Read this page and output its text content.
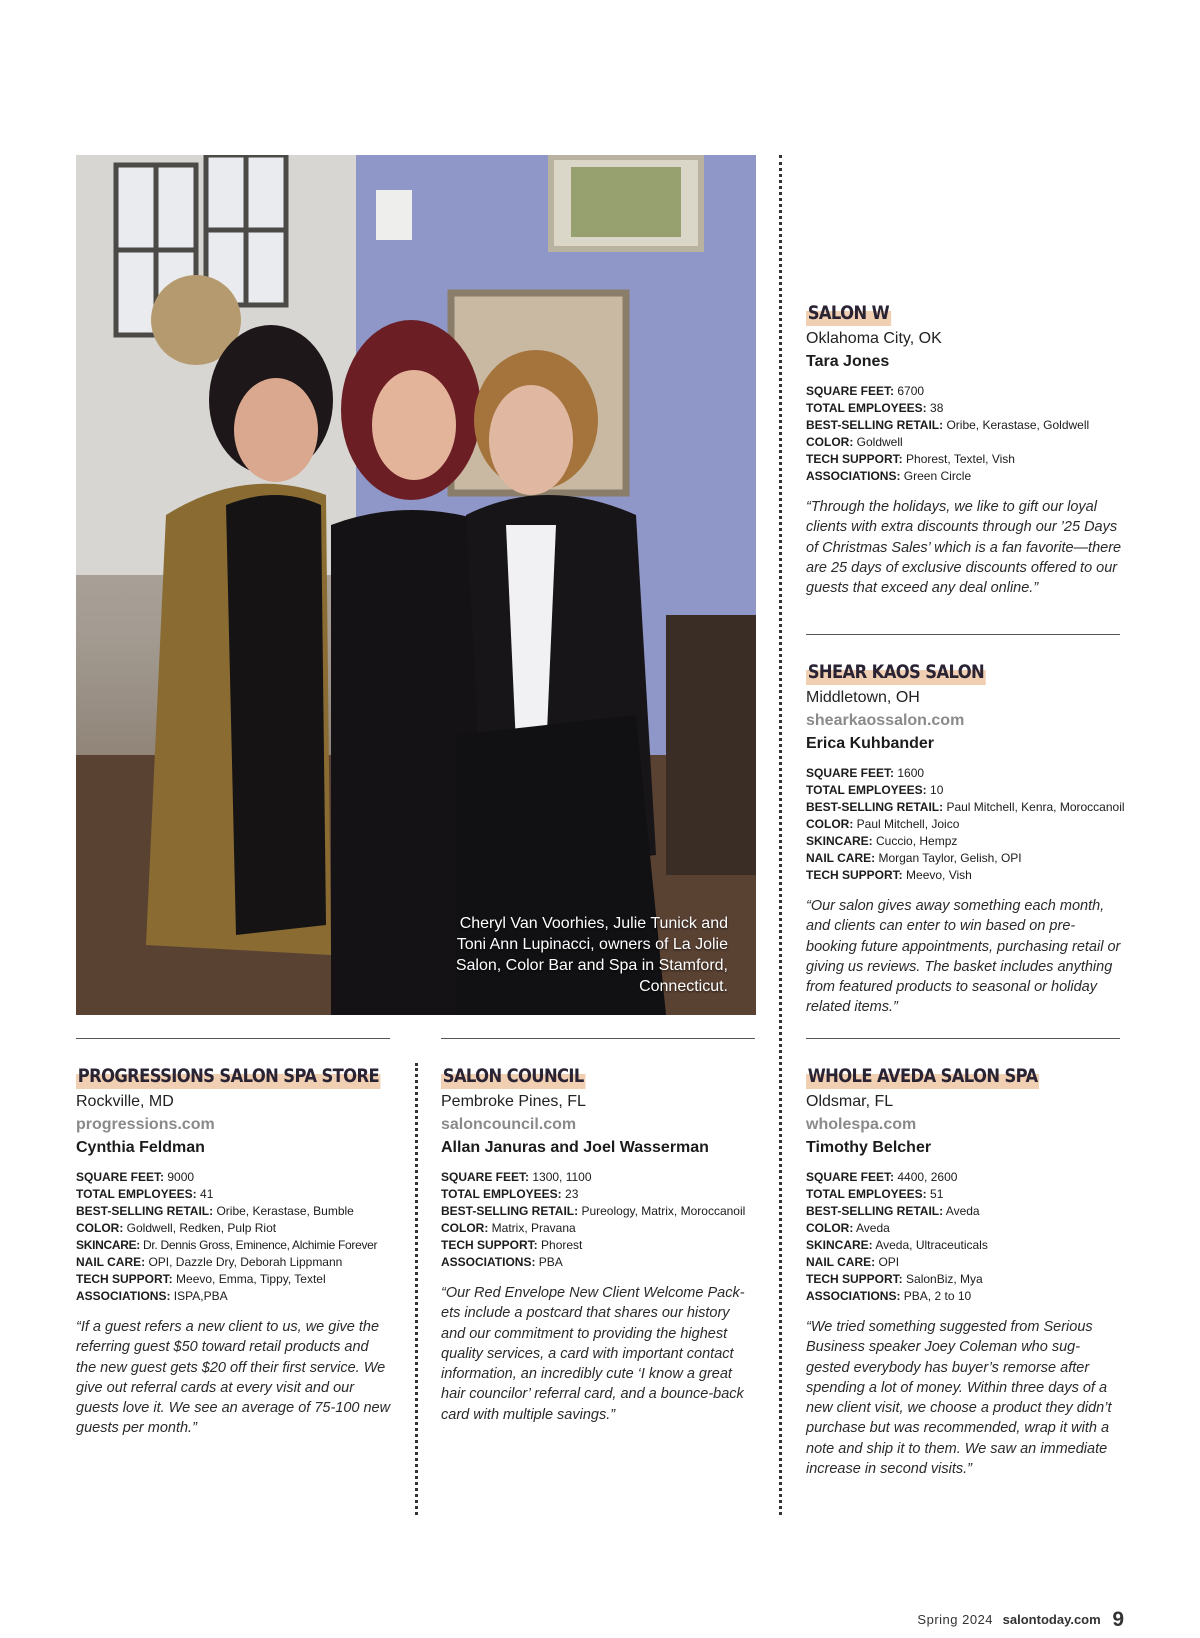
Cheryl Van Voorhies, Julie Tunick and Toni Ann Lupinacci, owners of La Jolie Salon, Color Bar and Spa in Stamford, Connecticut.
SALON W
Oklahoma City, OK
Tara Jones
SQUARE FEET: 6700
TOTAL EMPLOYEES: 38
BEST-SELLING RETAIL: Oribe, Kerastase, Goldwell
COLOR: Goldwell
TECH SUPPORT: Phorest, Textel, Vish
ASSOCIATIONS: Green Circle
“Through the holidays, we like to gift our loyal clients with extra discounts through our ’25 Days of Christmas Sales’ which is a fan favorite—there are 25 days of exclusive discounts offered to our guests that exceed any deal online.”
SHEAR KAOS SALON
Middletown, OH
shearkaossalon.com
Erica Kuhbander
SQUARE FEET: 1600
TOTAL EMPLOYEES: 10
BEST-SELLING RETAIL: Paul Mitchell, Kenra, Moroccanoil
COLOR: Paul Mitchell, Joico
SKINCARE: Cuccio, Hempz
NAIL CARE: Morgan Taylor, Gelish, OPI
TECH SUPPORT: Meevo, Vish
“Our salon gives away something each month, and clients can enter to win based on pre-booking future appointments, purchasing retail or giving us reviews. The basket includes anything from featured products to seasonal or holiday related items.”
PROGRESSIONS SALON SPA STORE
Rockville, MD
progressions.com
Cynthia Feldman
SQUARE FEET: 9000
TOTAL EMPLOYEES: 41
BEST-SELLING RETAIL: Oribe, Kerastase, Bumble
COLOR: Goldwell, Redken, Pulp Riot
SKINCARE: Dr. Dennis Gross, Eminence, Alchimie Forever
NAIL CARE: OPI, Dazzle Dry, Deborah Lippmann
TECH SUPPORT: Meevo, Emma, Tippy, Textel
ASSOCIATIONS: ISPA,PBA
“If a guest refers a new client to us, we give the referring guest $50 toward retail products and the new guest gets $20 off their first service. We give out referral cards at every visit and our guests love it. We see an average of 75-100 new guests per month.”
SALON COUNCIL
Pembroke Pines, FL
saloncouncil.com
Allan Januras and Joel Wasserman
SQUARE FEET: 1300, 1100
TOTAL EMPLOYEES: 23
BEST-SELLING RETAIL: Pureology, Matrix, Moroccanoil
COLOR: Matrix, Pravana
TECH SUPPORT: Phorest
ASSOCIATIONS: PBA
“Our Red Envelope New Client Welcome Pack-ets include a postcard that shares our history and our commitment to providing the highest quality services, a card with important contact information, an incredibly cute ‘I know a great hair councilor’ referral card, and a bounce-back card with multiple savings.”
WHOLE AVEDA SALON SPA
Oldsmar, FL
wholespa.com
Timothy Belcher
SQUARE FEET: 4400, 2600
TOTAL EMPLOYEES: 51
BEST-SELLING RETAIL: Aveda
COLOR: Aveda
SKINCARE: Aveda, Ultraceuticals
NAIL CARE: OPI
TECH SUPPORT: SalonBiz, Mya
ASSOCIATIONS: PBA, 2 to 10
“We tried something suggested from Serious Business speaker Joey Coleman who sug-gested everybody has buyer’s remorse after spending a lot of money. Within three days of a new client visit, we choose a product they didn’t purchase but was recommended, wrap it with a note and ship it to them. We saw an immediate increase in second visits.”
Spring 2024 salontoday.com 9
